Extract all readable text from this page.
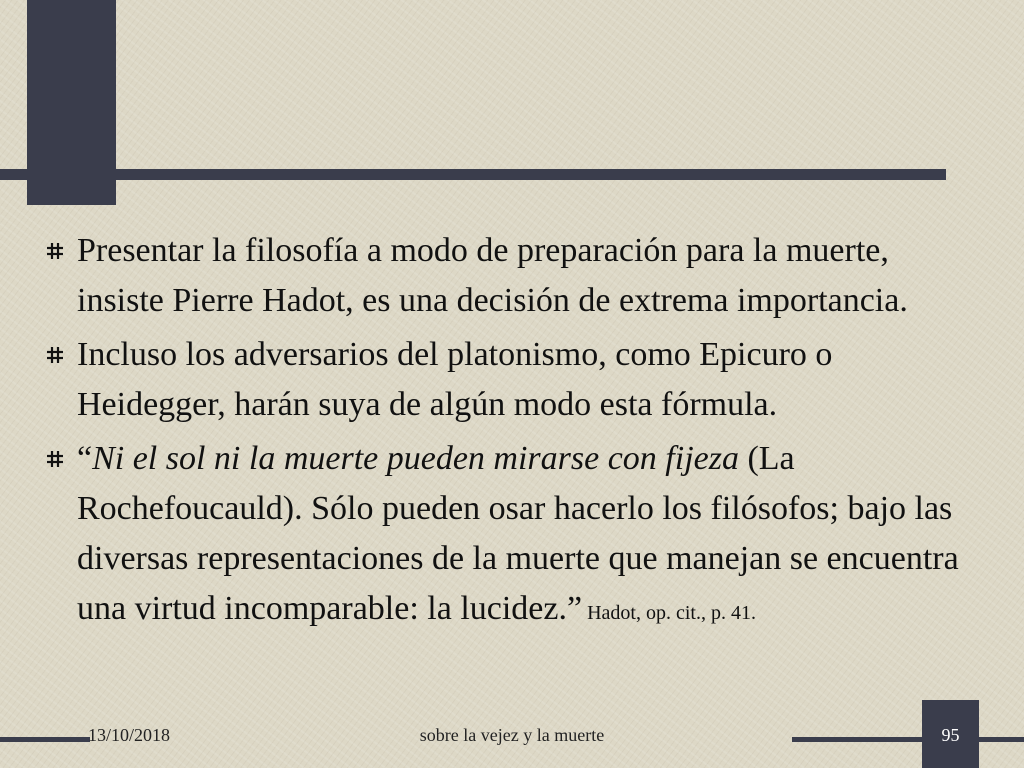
Presentar la filosofía a modo de preparación para la muerte, insiste Pierre Hadot, es una decisión de extrema importancia.
Incluso los adversarios del platonismo, como Epicuro o Heidegger, harán suya de algún modo esta fórmula.
“Ni el sol ni la muerte pueden mirarse con fijeza (La Rochefoucauld). Sólo pueden osar hacerlo los filósofos; bajo las diversas representaciones de la muerte que manejan se encuentra una virtud incomparable: la lucidez.” Hadot, op. cit., p. 41.
13/10/2018	sobre la vejez y la muerte	95
